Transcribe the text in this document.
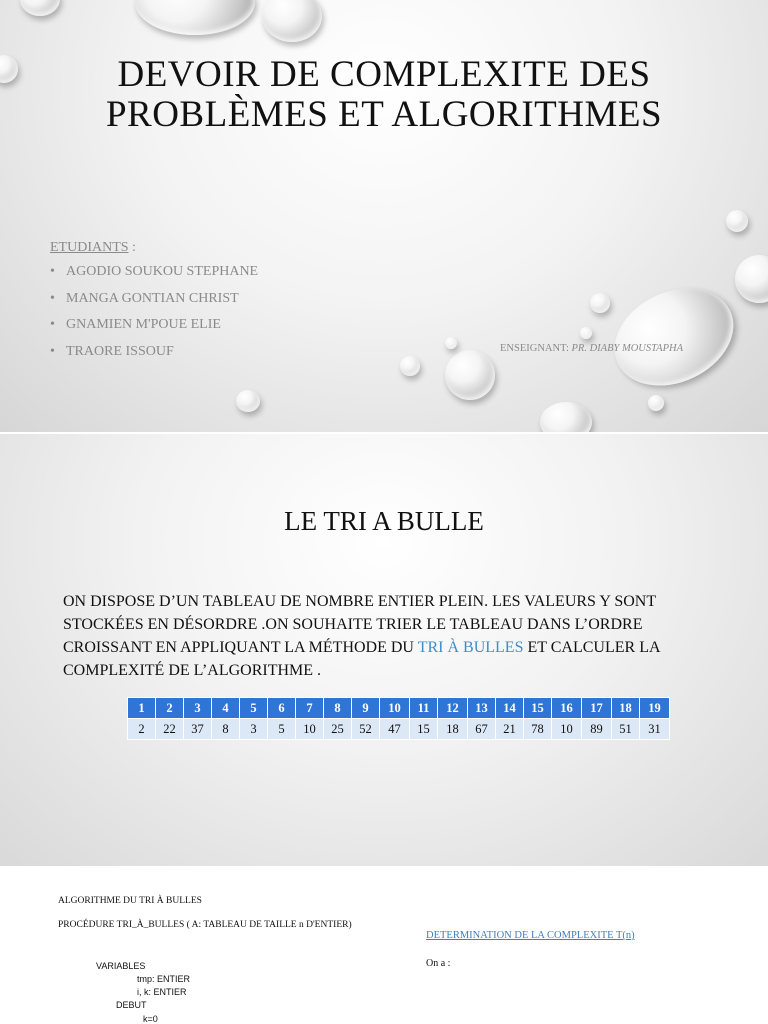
DEVOIR DE COMPLEXITE DES PROBLÈMES ET ALGORITHMES
ETUDIANTS :
• AGODIO SOUKOU STEPHANE
• MANGA GONTIAN CHRIST
• GNAMIEN M'POUE ELIE
• TRAORE ISSOUF	ENSEIGNANT: PR. DIABY MOUSTAPHA
LE TRI A BULLE
ON DISPOSE D’UN TABLEAU DE NOMBRE ENTIER PLEIN. LES VALEURS Y SONT STOCKÉES EN DÉSORDRE .ON SOUHAITE TRIER LE TABLEAU DANS L’ORDRE CROISSANT EN APPLIQUANT LA MÉTHODE DU TRI À BULLES ET CALCULER LA COMPLEXITÉ DE L’ALGORITHME .
1	2	3	4	5	6	7	8	9	10	11	12	13	14	15	16	17	18	19
2	22	37	8	3	5	10	25	52	47	15	18	67	21	78	10	89	51	31
ALGORITHME DU TRI À BULLES
PROCÉDURE TRI_À_BULLES ( A: TABLEAU DE TAILLE n D'ENTIER)
VARIABLES
tmp: ENTIER
i, k: ENTIER
DEBUT
k=0
DETERMINATION DE LA COMPLEXITE T(n)
On a :
